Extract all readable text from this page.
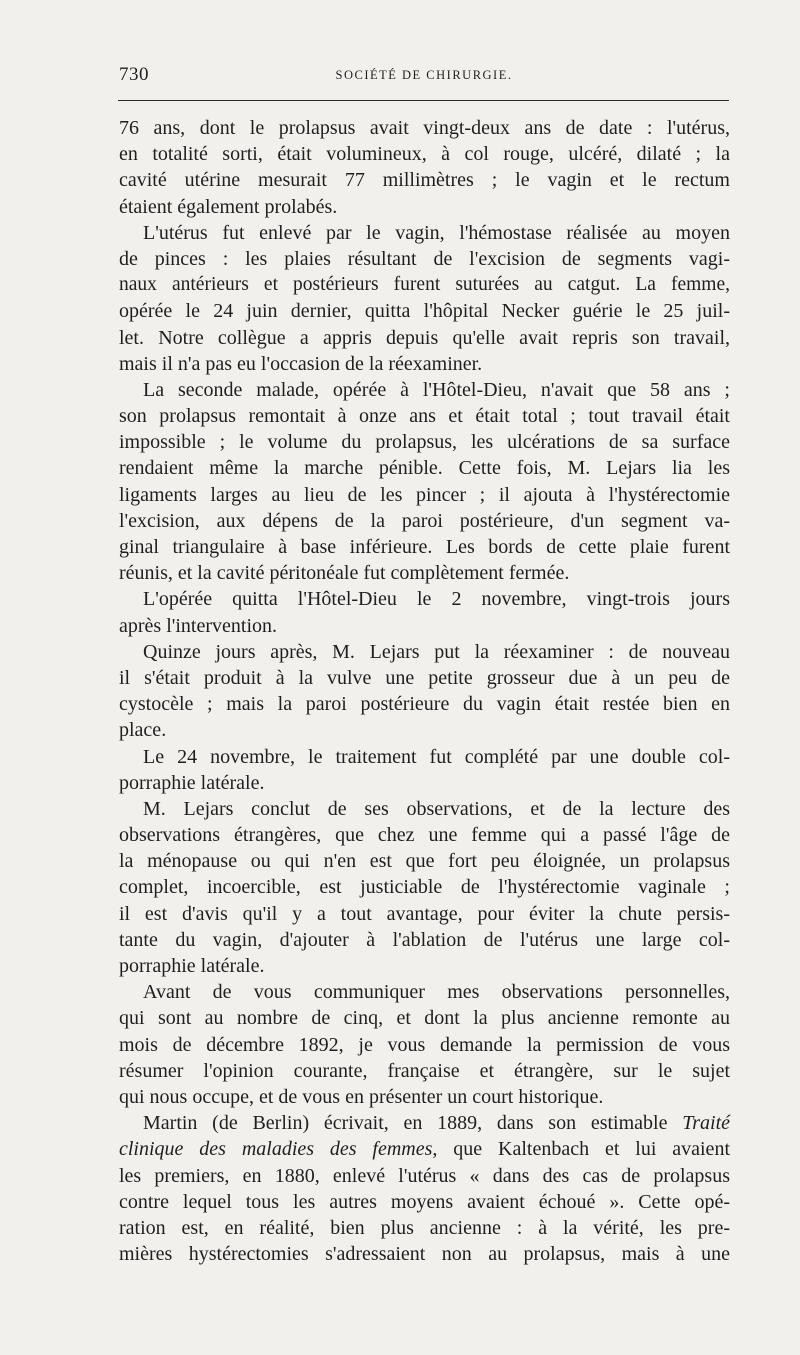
730	SOCIÉTÉ DE CHIRURGIE.
76 ans, dont le prolapsus avait vingt-deux ans de date : l'utérus,
en totalité sorti, était volumineux, à col rouge, ulcéré, dilaté ; la
cavité utérine mesurait 77 millimètres ; le vagin et le rectum
étaient également prolabés.
L'utérus fut enlevé par le vagin, l'hémostase réalisée au moyen
de pinces : les plaies résultant de l'excision de segments vagi-
naux antérieurs et postérieurs furent suturées au catgut. La femme,
opérée le 24 juin dernier, quitta l'hôpital Necker guérie le 25 juil-
let. Notre collègue a appris depuis qu'elle avait repris son travail,
mais il n'a pas eu l'occasion de la réexaminer.
La seconde malade, opérée à l'Hôtel-Dieu, n'avait que 58 ans ;
son prolapsus remontait à onze ans et était total ; tout travail était
impossible ; le volume du prolapsus, les ulcérations de sa surface
rendaient même la marche pénible. Cette fois, M. Lejars lia les
ligaments larges au lieu de les pincer ; il ajouta à l'hystérectomie
l'excision, aux dépens de la paroi postérieure, d'un segment va-
ginal triangulaire à base inférieure. Les bords de cette plaie furent
réunis, et la cavité péritonéale fut complètement fermée.
L'opérée quitta l'Hôtel-Dieu le 2 novembre, vingt-trois jours
après l'intervention.
Quinze jours après, M. Lejars put la réexaminer : de nouveau
il s'était produit à la vulve une petite grosseur due à un peu de
cystocèle ; mais la paroi postérieure du vagin était restée bien en
place.
Le 24 novembre, le traitement fut complété par une double col-
porraphie latérale.
M. Lejars conclut de ses observations, et de la lecture des
observations étrangères, que chez une femme qui a passé l'âge de
la ménopause ou qui n'en est que fort peu éloignée, un prolapsus
complet, incoercible, est justiciable de l'hystérectomie vaginale ;
il est d'avis qu'il y a tout avantage, pour éviter la chute persis-
tante du vagin, d'ajouter à l'ablation de l'utérus une large col-
porraphie latérale.
Avant de vous communiquer mes observations personnelles,
qui sont au nombre de cinq, et dont la plus ancienne remonte au
mois de décembre 1892, je vous demande la permission de vous
résumer l'opinion courante, française et étrangère, sur le sujet
qui nous occupe, et de vous en présenter un court historique.
Martin (de Berlin) écrivait, en 1889, dans son estimable Traité
clinique des maladies des femmes, que Kaltenbach et lui avaient
les premiers, en 1880, enlevé l'utérus « dans des cas de prolapsus
contre lequel tous les autres moyens avaient échoué ». Cette opé-
ration est, en réalité, bien plus ancienne : à la vérité, les pre-
mières hystérectomies s'adressaient non au prolapsus, mais à une
